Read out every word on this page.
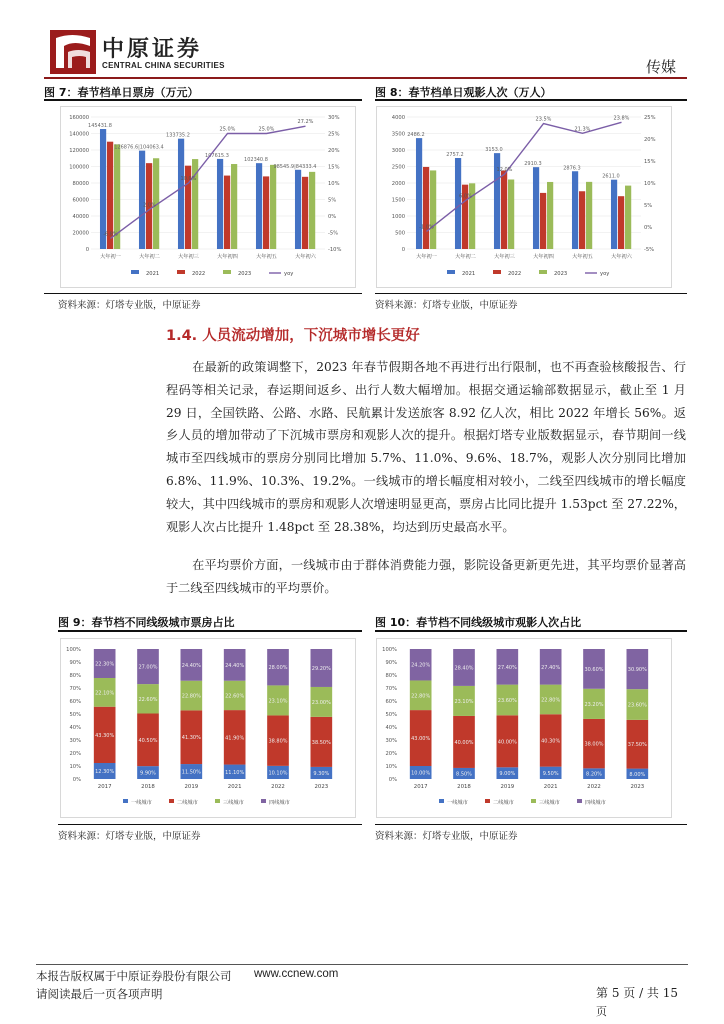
中原证券
CENTRAL CHINA SECURITIES	传媒
图 7：春节档单日票房（万元）
0
20000
40000
60000
80000
100000
120000
140000
160000
-10%
-5%
0%
5%
10%
15%
20%
25%
30%
大年初一
145431.8
大年初二
126876.6|104063.4
大年初三
133735.2
大年初四
107615.3
大年初五
102340.8
大年初六
98545.9|84333.4
-6.8%
2.0%
10.0%
25.0%	25.0%
27.2%
2021	2022	2023	yoy
资料来源：灯塔专业版，中原证券
图 8：春节档单日观影人次（万人）
0
500
1000
1500
2000
2500
3000
3500
4000
-5%
0%
5%
10%
15%
20%
25%
大年初一
2486.2
大年初二
2757.2
大年初三
3153.0
大年初四
2910.3
大年初五
2876.3
大年初六
2611.0
-1.0%
6.0%
12.0%
23.5%
21.3%
23.8%
2021	2022	2023	yoy
资料来源：灯塔专业版，中原证券
1.4. 人员流动增加，下沉城市增长更好
在最新的政策调整下，2023 年春节假期各地不再进行出行限制，也不再查验核酸报告、行程码等相关记录，春运期间返乡、出行人数大幅增加。根据交通运输部数据显示，截止至 1 月 29 日，全国铁路、公路、水路、民航累计发送旅客 8.92 亿人次，相比 2022 年增长 56%。返乡人员的增加带动了下沉城市票房和观影人次的提升。根据灯塔专业版数据显示，春节期间一线城市至四线城市的票房分别同比增加 5.7%、11.0%、9.6%、18.7%，观影人次分别同比增加 6.8%、11.9%、10.3%、19.2%。一线城市的增长幅度相对较小，二线至四线城市的增长幅度较大，其中四线城市的票房和观影人次增速明显更高，票房占比同比提升 1.53pct 至 27.22%，观影人次占比提升 1.48pct 至 28.38%，均达到历史最高水平。
在平均票价方面，一线城市由于群体消费能力强，影院设备更新更先进，其平均票价显著高于二线至四线城市的平均票价。
图 9：春节档不同线级城市票房占比
0%
10%
20%
30%
40%
50%
60%
70%
80%
90%
100%
12.30%
43.30%
22.10%
22.30%
2017
9.90%
40.50%
22.60%
27.00%
2018
11.50%
41.30%
22.80%
24.40%
2019
11.10%
41.90%
22.60%
24.40%
2021
10.10%
38.80%
23.10%
28.00%
2022
9.30%
38.50%
23.00%
29.20%
2023
一线城市	二线城市	三线城市	四线城市
资料来源：灯塔专业版，中原证券
图 10：春节档不同线级城市观影人次占比
0%
10%
20%
30%
40%
50%
60%
70%
80%
90%
100%
10.00%
43.00%
22.80%
24.20%
2017
8.50%
40.00%
23.10%
28.40%
2018
9.00%
40.00%
23.60%
27.40%
2019
9.50%
40.30%
22.80%
27.40%
2021
8.20%
38.00%
23.20%
30.60%
2022
8.00%
37.50%
23.60%
30.90%
2023
一线城市	二线城市	三线城市	四线城市
资料来源：灯塔专业版，中原证券
本报告版权属于中原证券股份有限公司 www.ccnew.com
请阅读最后一页各项声明	第 5 页 / 共 15
页
